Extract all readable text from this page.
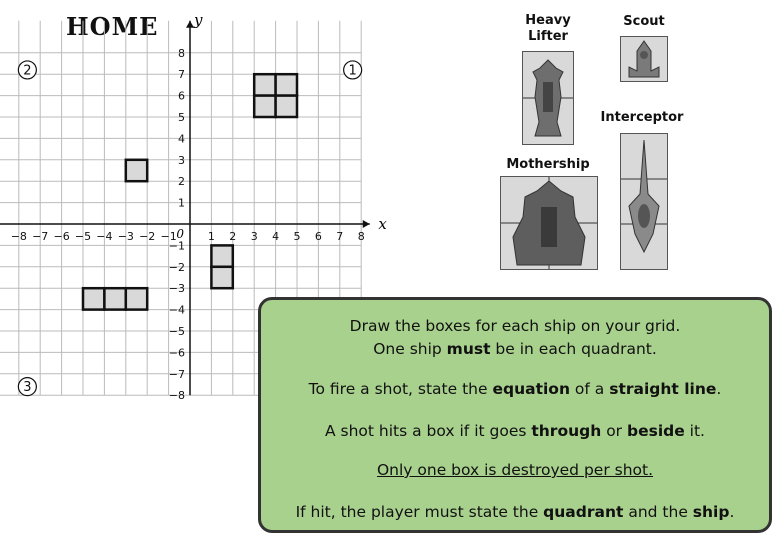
HOME
−8 −7 −6 −5 −4 −3 −2 −1	1 2 3 4 5 6 7 8
8
7
6
5
4
3
2
1
−1
−2
−3
−4
−5
−6
−7
−8
0
x
y
1
2
3
Heavy
Lifter
Scout
Interceptor
Mothership

Draw the boxes for each ship on your grid.

One ship must be in each quadrant.

To fire a shot, state the equation of a straight line.

A shot hits a box if it goes through or beside it.

Only one box is destroyed per shot.

If hit, the player must state the quadrant and the ship.
